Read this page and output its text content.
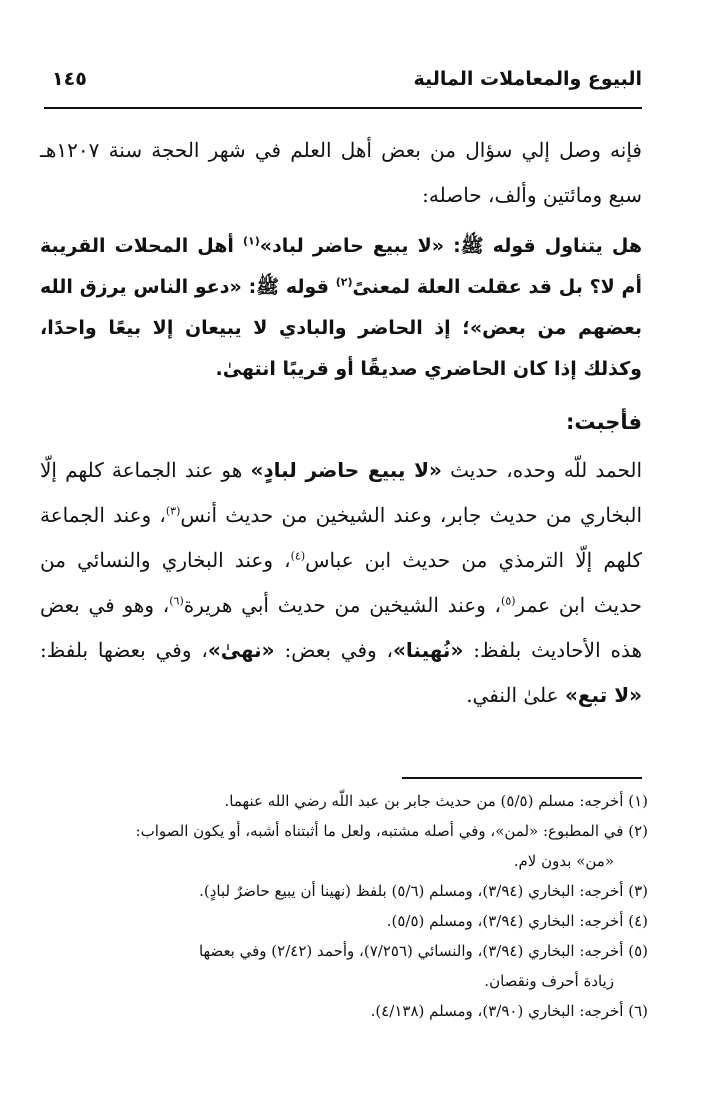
البيوع والمعاملات المالية
١٤٥

فإنه وصل إلي سؤال من بعض أهل العلم في شهر الحجة سنة ١٢٠٧هـ سبع ومائتين وألف، حاصله:

هل يتناول قوله ﷺ: «لا يبيع حاضر لباد»$^{(١)}$ أهل المحلات القريبة أم لا؟ بل قد عقلت العلة لمعنىً$^{(٢)}$ قوله ﷺ: «دعو الناس يرزق الله بعضهم من بعض»؛ إذ الحاضر والبادي لا يبيعان إلا بيعًا واحدًا، وكذلك إذا كان الحاضري صديقًا أو قريبًا انتهىٰ.

فأجبت:

الحمد للّه وحده، حديث «لا يبيع حاضر لبادٍ» هو عند الجماعة كلهم إلّا البخاري من حديث جابر، وعند الشيخين من حديث أنس$^{(٣)}$، وعند الجماعة كلهم إلّا الترمذي من حديث ابن عباس$^{(٤)}$، وعند البخاري والنسائي من حديث ابن عمر$^{(٥)}$، وعند الشيخين من حديث أبي هريرة$^{(٦)}$، وهو في بعض هذه الأحاديث بلفظ: «نُهينا»، وفي بعض: «نهىٰ»، وفي بعضها بلفظ: «لا تبع» علىٰ النفي.

(١) أخرجه: مسلم (٥/٥) من حديث جابر بن عبد اللّه رضي الله عنهما.

(٢) في المطبوع: «لمن»، وفي أصله مشتبه، ولعل ما أثبتناه أشبه، أو يكون الصواب:
«من» بدون لام.

(٣) أخرجه: البخاري (٣/٩٤)، ومسلم (٥/٦) بلفظ (نهينا أن يبيع حاضرٌ لبادٍ).

(٤) أخرجه: البخاري (٣/٩٤)، ومسلم (٥/٥).

(٥) أخرجه: البخاري (٣/٩٤)، والنسائي (٧/٢٥٦)، وأحمد (٢/٤٢) وفي بعضها
زيادة أحرف ونقصان.

(٦) أخرجه: البخاري (٣/٩٠)، ومسلم (٤/١٣٨).
